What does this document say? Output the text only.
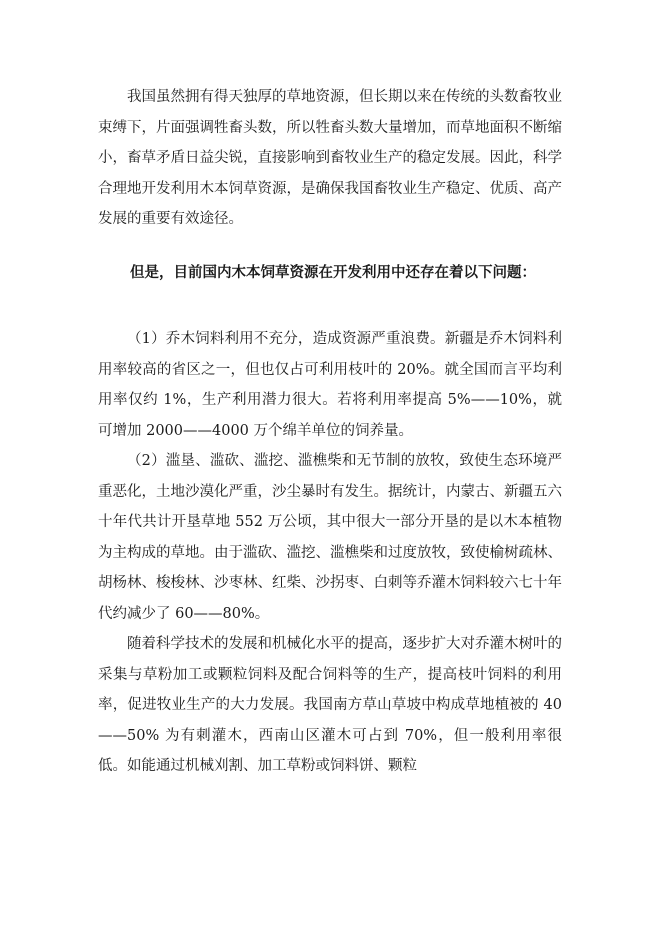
我国虽然拥有得天独厚的草地资源，但长期以来在传统的头数畜牧业束缚下，片面强调牲畜头数，所以牲畜头数大量增加，而草地面积不断缩小，畜草矛盾日益尖锐，直接影响到畜牧业生产的稳定发展。因此，科学合理地开发利用木本饲草资源，是确保我国畜牧业生产稳定、优质、高产发展的重要有效途径。

但是，目前国内木本饲草资源在开发利用中还存在着以下问题：

（1）乔木饲料利用不充分，造成资源严重浪费。新疆是乔木饲料利用率较高的省区之一，但也仅占可利用枝叶的 20%。就全国而言平均利用率仅约 1%，生产利用潜力很大。若将利用率提高 5%——10%，就可增加 2000——4000 万个绵羊单位的饲养量。

（2）滥垦、滥砍、滥挖、滥樵柴和无节制的放牧，致使生态环境严重恶化，土地沙漠化严重，沙尘暴时有发生。据统计，内蒙古、新疆五六十年代共计开垦草地 552 万公顷，其中很大一部分开垦的是以木本植物为主构成的草地。由于滥砍、滥挖、滥樵柴和过度放牧，致使榆树疏林、胡杨林、梭梭林、沙枣林、红柴、沙拐枣、白刺等乔灌木饲料较六七十年代约减少了 60——80%。

随着科学技术的发展和机械化水平的提高，逐步扩大对乔灌木树叶的采集与草粉加工或颗粒饲料及配合饲料等的生产，提高枝叶饲料的利用率，促进牧业生产的大力发展。我国南方草山草坡中构成草地植被的 40——50% 为有刺灌木，西南山区灌木可占到 70%，但一般利用率很低。如能通过机械刈割、加工草粉或饲料饼、颗粒
